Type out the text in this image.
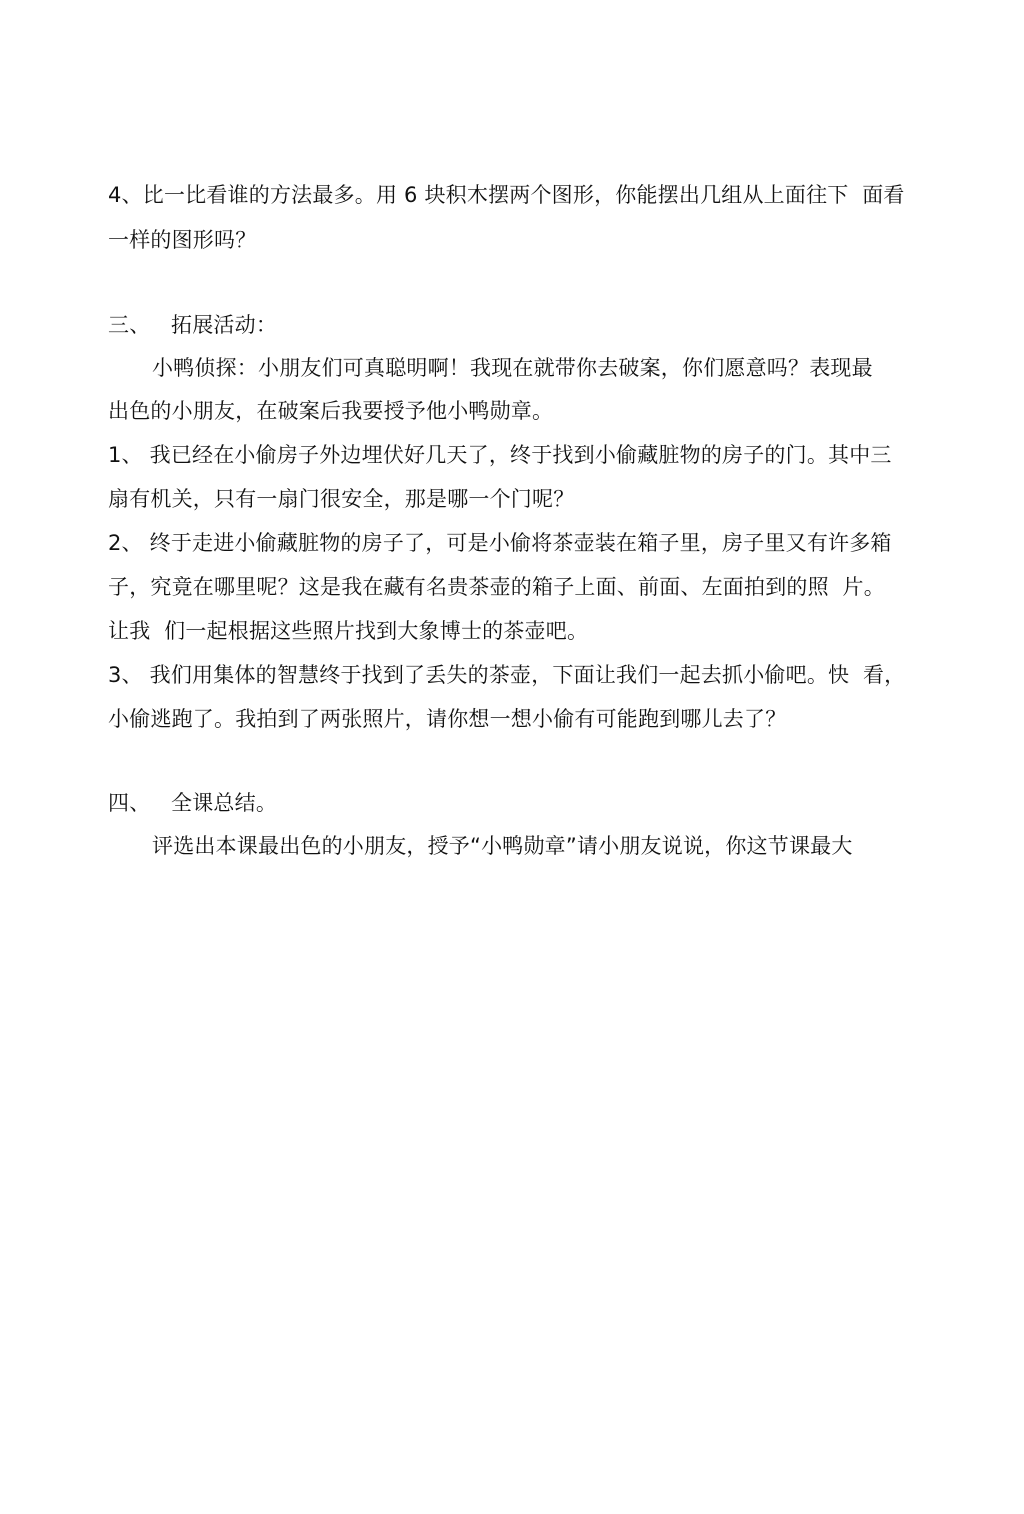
4、比一比看谁的方法最多。用 6 块积木摆两个图形，你能摆出几组从上面往下  面看
一样的图形吗？
三、   拓展活动：
小鸭侦探：小朋友们可真聪明啊！我现在就带你去破案，你们愿意吗？表现最
出色的小朋友，在破案后我要授予他小鸭勋章。
1、 我已经在小偷房子外边埋伏好几天了，终于找到小偷藏脏物的房子的门。其中三
扇有机关，只有一扇门很安全，那是哪一个门呢？
2、 终于走进小偷藏脏物的房子了，可是小偷将茶壶装在箱子里，房子里又有许多箱
子，究竟在哪里呢？这是我在藏有名贵茶壶的箱子上面、前面、左面拍到的照  片。
让我  们一起根据这些照片找到大象博士的茶壶吧。
3、 我们用集体的智慧终于找到了丢失的茶壶，下面让我们一起去抓小偷吧。快  看，
小偷逃跑了。我拍到了两张照片，请你想一想小偷有可能跑到哪儿去了？
四、   全课总结。
评选出本课最出色的小朋友，授予“小鸭勋章”请小朋友说说，你这节课最大
